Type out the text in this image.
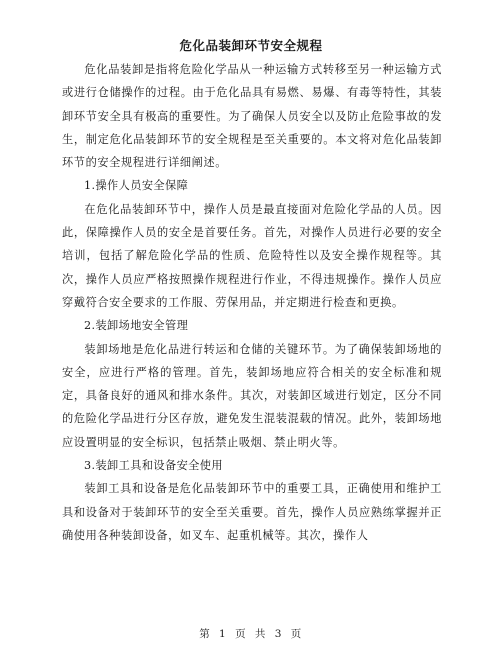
危化品装卸环节安全规程

危化品装卸是指将危险化学品从一种运输方式转移至另一种运输方式或进行仓储操作的过程。由于危化品具有易燃、易爆、有毒等特性，其装卸环节安全具有极高的重要性。为了确保人员安全以及防止危险事故的发生，制定危化品装卸环节的安全规程是至关重要的。本文将对危化品装卸环节的安全规程进行详细阐述。

1.操作人员安全保障

在危化品装卸环节中，操作人员是最直接面对危险化学品的人员。因此，保障操作人员的安全是首要任务。首先，对操作人员进行必要的安全培训，包括了解危险化学品的性质、危险特性以及安全操作规程等。其次，操作人员应严格按照操作规程进行作业，不得违规操作。操作人员应穿戴符合安全要求的工作服、劳保用品，并定期进行检查和更换。

2.装卸场地安全管理

装卸场地是危化品进行转运和仓储的关键环节。为了确保装卸场地的安全，应进行严格的管理。首先，装卸场地应符合相关的安全标准和规定，具备良好的通风和排水条件。其次，对装卸区域进行划定，区分不同的危险化学品进行分区存放，避免发生混装混载的情况。此外，装卸场地应设置明显的安全标识，包括禁止吸烟、禁止明火等。

3.装卸工具和设备安全使用

装卸工具和设备是危化品装卸环节中的重要工具，正确使用和维护工具和设备对于装卸环节的安全至关重要。首先，操作人员应熟练掌握并正确使用各种装卸设备，如叉车、起重机械等。其次，操作人

第 1 页 共 3 页
